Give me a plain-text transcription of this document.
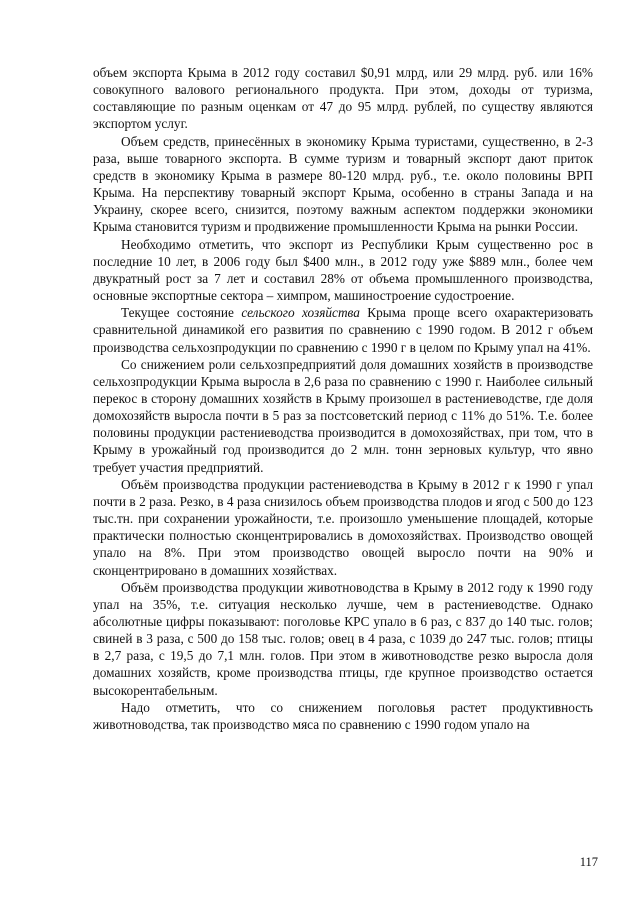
объем экспорта Крыма в 2012 году составил $0,91 млрд, или 29 млрд. руб. или 16% совокупного валового регионального продукта. При этом, доходы от туризма, составляющие по разным оценкам от 47 до 95 млрд. рублей, по существу являются экспортом услуг.

Объем средств, принесённых в экономику Крыма туристами, существенно, в 2-3 раза, выше товарного экспорта. В сумме туризм и товарный экспорт дают приток средств в экономику Крыма в размере 80-120 млрд. руб., т.е. около половины ВРП Крыма. На перспективу товарный экспорт Крыма, особенно в страны Запада и на Украину, скорее всего, снизится, поэтому важным аспектом поддержки экономики Крыма становится туризм и продвижение промышленности Крыма на рынки России.

Необходимо отметить, что экспорт из Республики Крым существенно рос в последние 10 лет, в 2006 году был $400 млн., в 2012 году уже $889 млн., более чем двукратный рост за 7 лет и составил 28% от объема промышленного производства, основные экспортные сектора – химпром, машиностроение судостроение.

Текущее состояние сельского хозяйства Крыма проще всего охарактеризовать сравнительной динамикой его развития по сравнению с 1990 годом. В 2012 г объем производства сельхозпродукции по сравнению с 1990 г в целом по Крыму упал на 41%.

Со снижением роли сельхозпредприятий доля домашних хозяйств в производстве сельхозпродукции Крыма выросла в 2,6 раза по сравнению с 1990 г. Наиболее сильный перекос в сторону домашних хозяйств в Крыму произошел в растениеводстве, где доля домохозяйств выросла почти в 5 раз за постсоветский период с 11% до 51%. Т.е. более половины продукции растениеводства производится в домохозяйствах, при том, что в Крыму в урожайный год производится до 2 млн. тонн зерновых культур, что явно требует участия предприятий.

Объём производства продукции растениеводства в Крыму в 2012 г к 1990 г упал почти в 2 раза. Резко, в 4 раза снизилось объем производства плодов и ягод с 500 до 123 тыс.тн. при сохранении урожайности, т.е. произошло уменьшение площадей, которые практически полностью сконцентрировались в домохозяйствах. Производство овощей упало на 8%. При этом производство овощей выросло почти на 90% и сконцентрировано в домашних хозяйствах.

Объём производства продукции животноводства в Крыму в 2012 году к 1990 году упал на 35%, т.е. ситуация несколько лучше, чем в растениеводстве. Однако абсолютные цифры показывают: поголовье КРС упало в 6 раз, с 837 до 140 тыс. голов; свиней в 3 раза, с 500 до 158 тыс. голов; овец в 4 раза, с 1039 до 247 тыс. голов; птицы в 2,7 раза, с 19,5 до 7,1 млн. голов. При этом в животноводстве резко выросла доля домашних хозяйств, кроме производства птицы, где крупное производство остается высокорентабельным.

Надо отметить, что со снижением поголовья растет продуктивность животноводства, так производство мяса по сравнению с 1990 годом упало на

117
